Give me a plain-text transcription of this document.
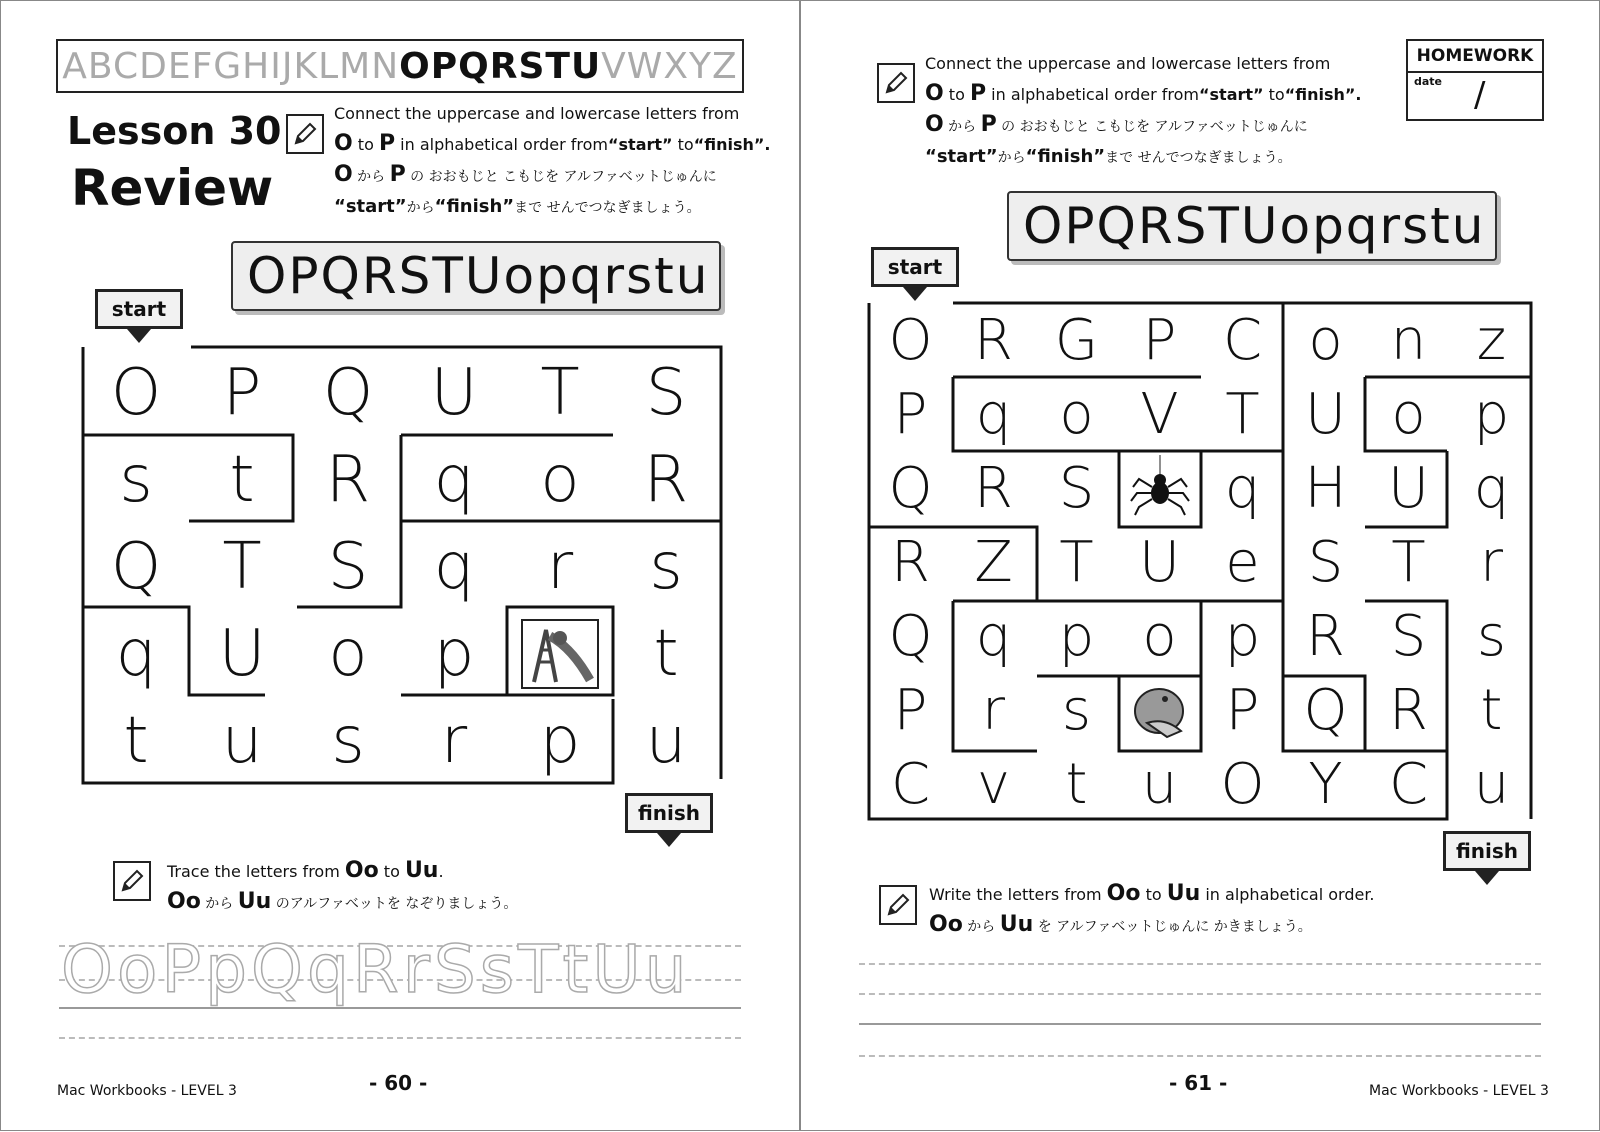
ABCDEFGHIJKLMN OPQRSTU VWXYZ
Lesson 30
Review
Connect the uppercase and lowercase letters from
O to P in alphabetical order from“start” to“finish”.
O から P の おおもじと こもじを アルファベットじゅんに
“start”から“finish”まで せんでつなぎましょう。
OPQRSTUopqrstu
start
O P Q U T	S
s	t	R q	o	R
Q T	S	q	r	s
q U o	p	t
t	u	s	r	p	u
finish
Trace the letters from Oo to Uu.
Oo から Uu のアルファベットを なぞりましょう。
OoPpQqRrSsTtUu
Mac Workbooks - LEVEL 3	- 60 -
Connect the uppercase and lowercase letters from
O to P in alphabetical order from“start” to“finish”.
O から P の おおもじと こもじを アルファベットじゅんに
“start”から“finish”まで せんでつなぎましょう。
HOMEWORK
date /
OPQRSTUopqrstu
start
O R G P C o n z
P q o V T U o p
Q R S	q H U q
R Z T U e S T r
Q q p o p R S s
P r	s	P Q R t
C v t u O Y C u
finish
Write the letters from Oo to Uu in alphabetical order.
Oo から Uu を アルファベットじゅんに かきましょう。
- 61 -	Mac Workbooks - LEVEL 3
